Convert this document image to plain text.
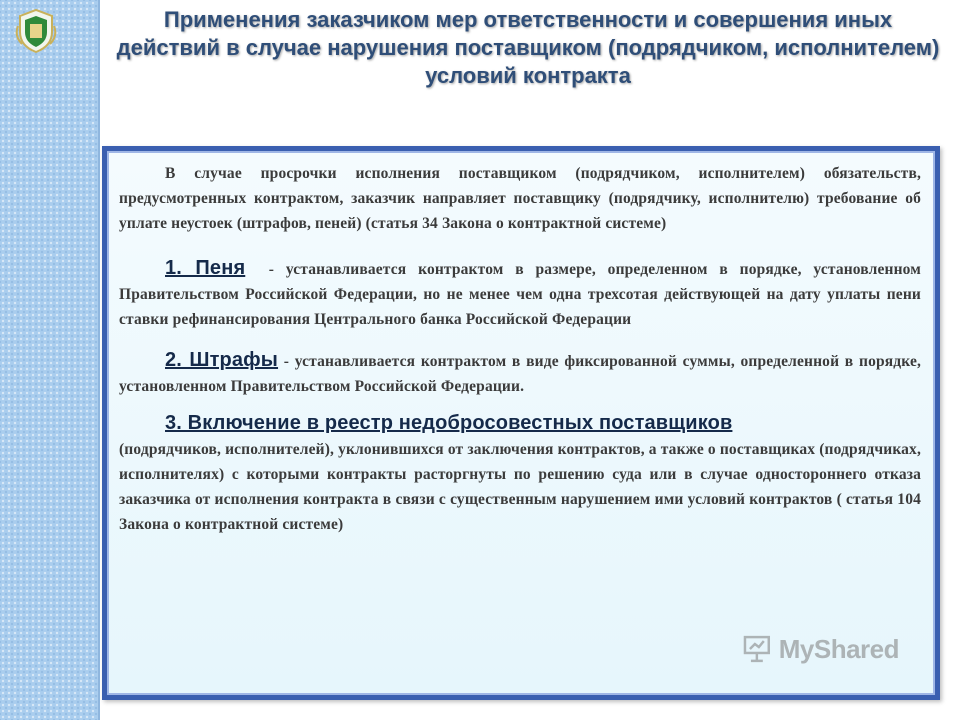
Применения заказчиком мер ответственности и совершения иных действий в случае нарушения поставщиком (подрядчиком, исполнителем) условий контракта

В случае просрочки исполнения поставщиком (подрядчиком, исполнителем) обязательств, предусмотренных контрактом, заказчик направляет поставщику (подрядчику, исполнителю) требование об уплате неустоек (штрафов, пеней) (статья 34 Закона о контрактной системе)

1. Пеня - устанавливается контрактом в размере, определенном в порядке, установленном Правительством Российской Федерации, но не менее чем одна трехсотая действующей на дату уплаты пени ставки рефинансирования Центрального банка Российской Федерации

2. Штрафы - устанавливается контрактом в виде фиксированной суммы, определенной в порядке, установленном Правительством Российской Федерации.

3. Включение в реестр недобросовестных поставщиков
(подрядчиков, исполнителей), уклонившихся от заключения контрактов, а также о поставщиках (подрядчиках, исполнителях) с которыми контракты расторгнуты по решению суда или в случае одностороннего отказа заказчика от исполнения контракта в связи с существенным нарушением ими условий контрактов ( статья 104 Закона о контрактной системе)

MyShared
